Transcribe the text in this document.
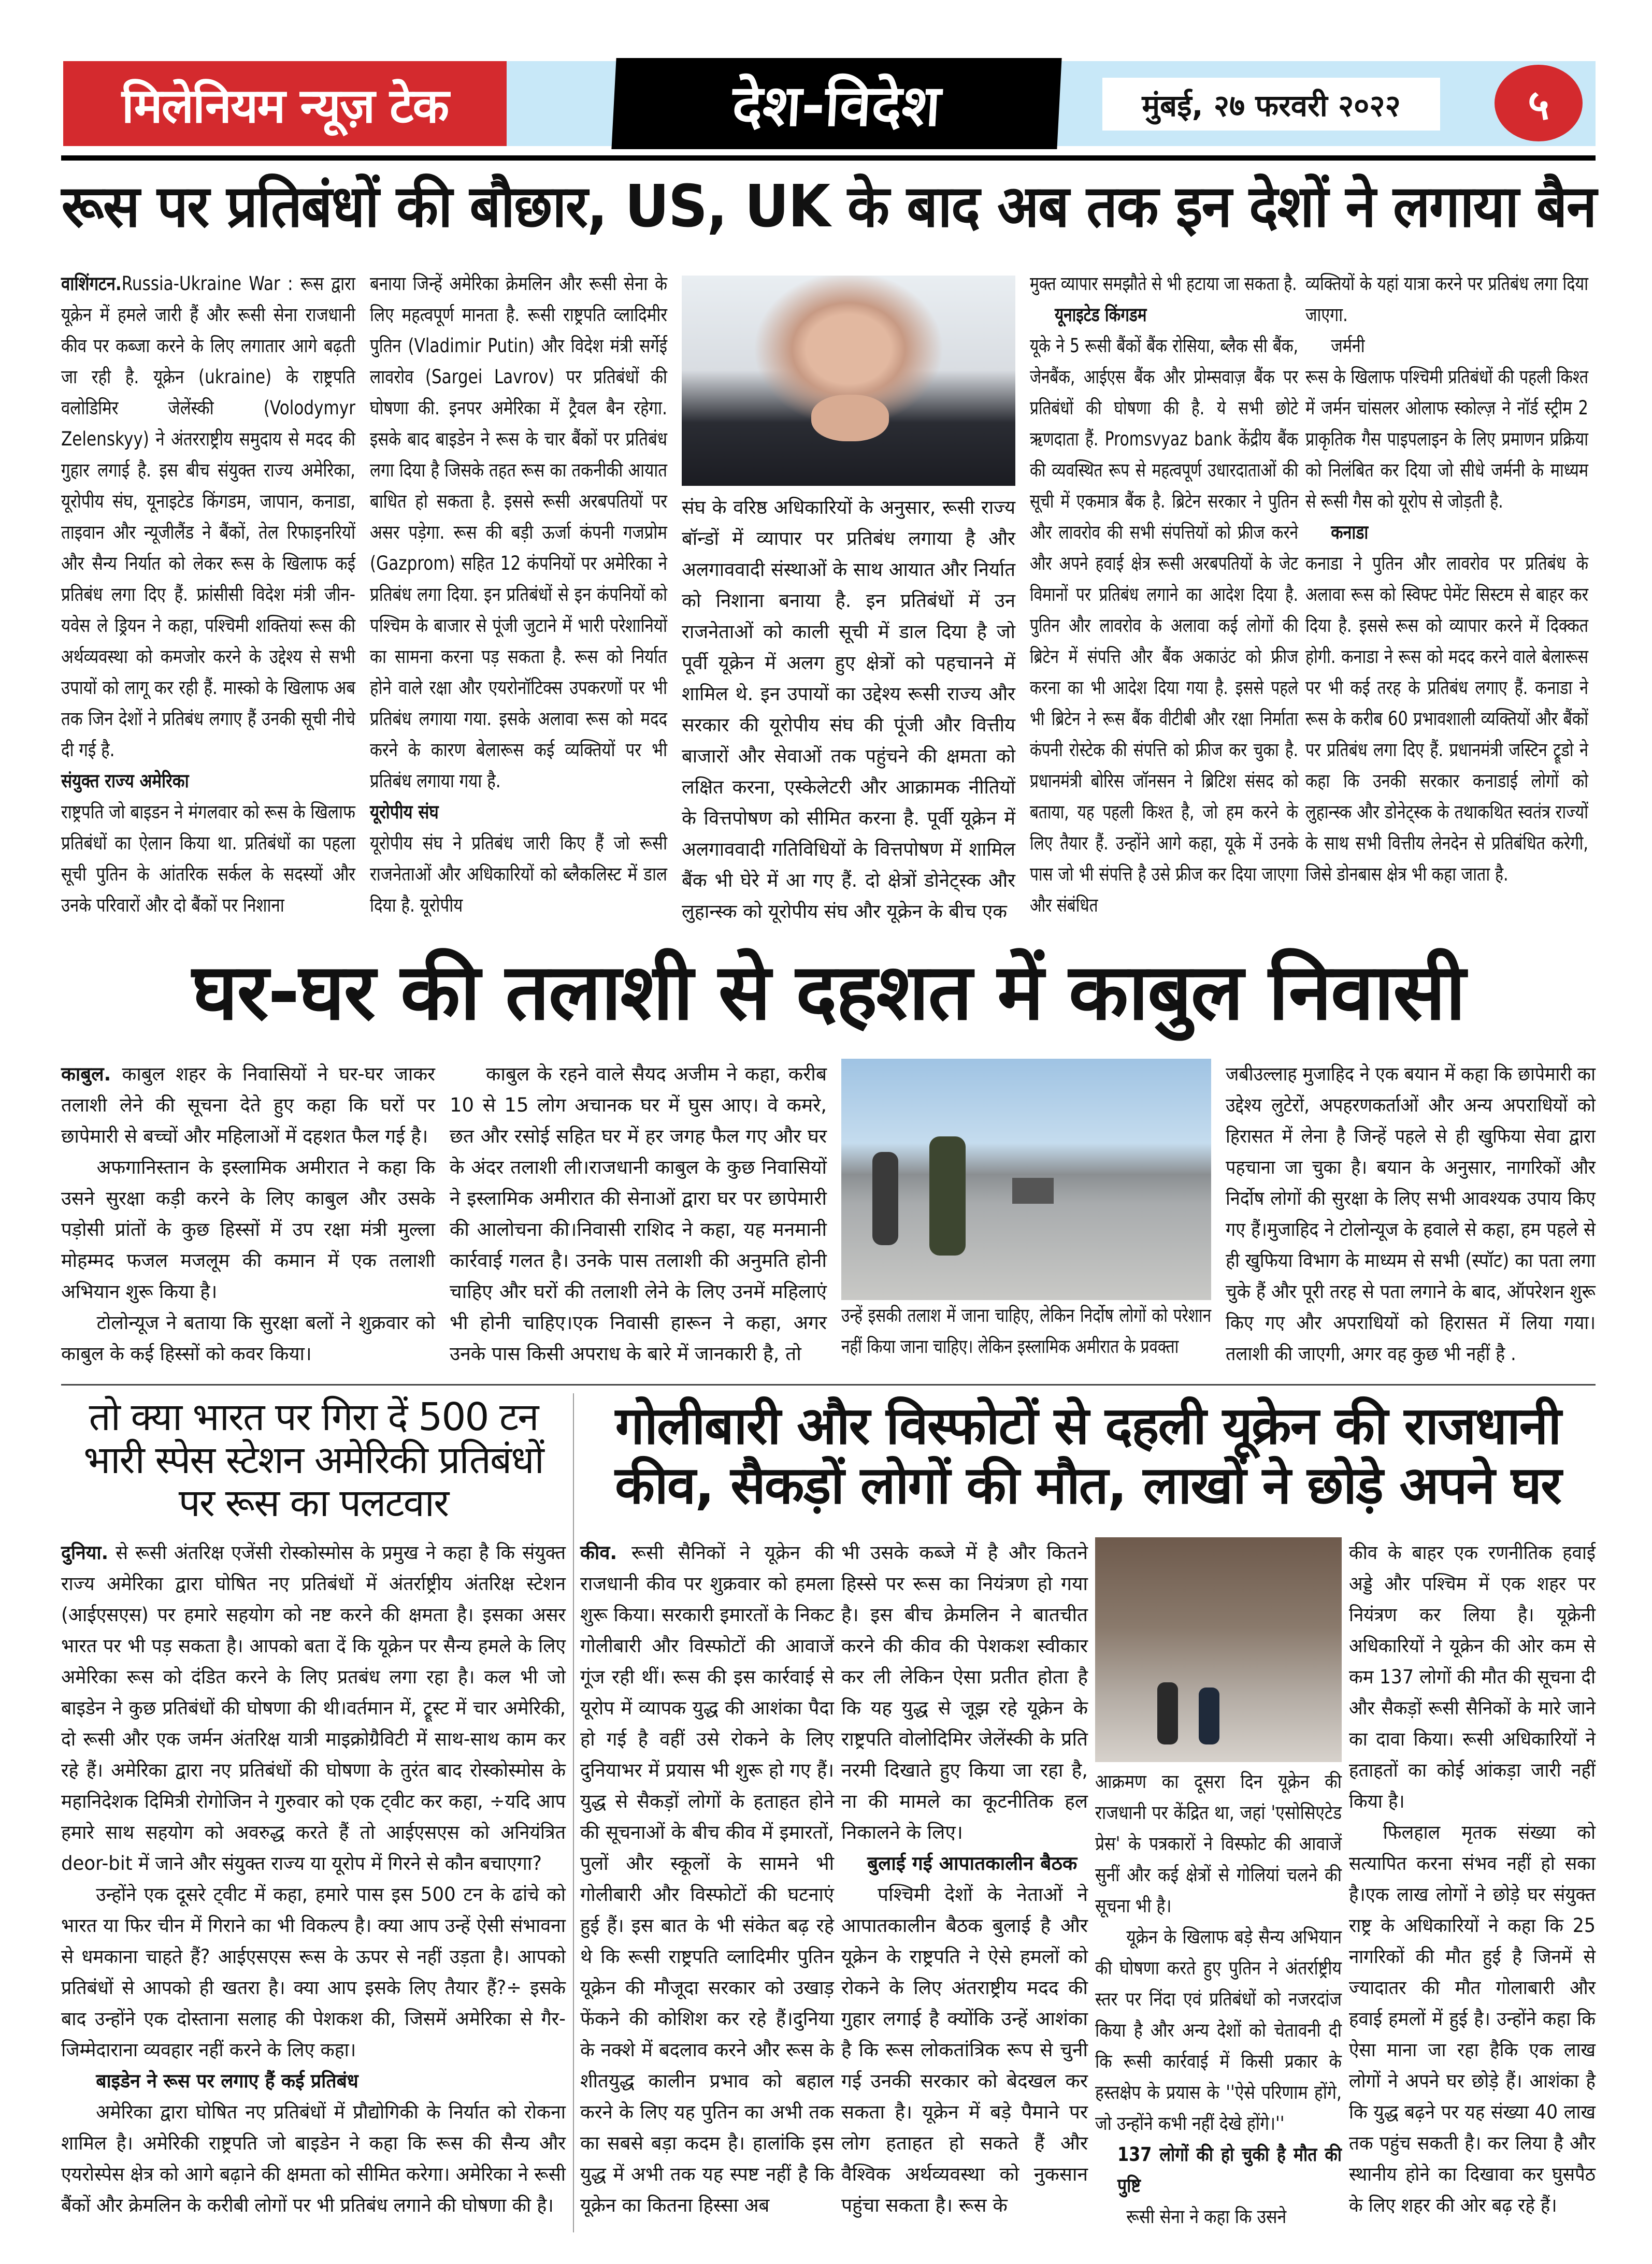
मिलेनियम न्यूज़ टेक	देश-विदेश	मुंबई, २७ फरवरी २०२२	५
रूस पर प्रतिबंधों की बौछार, US, UK के बाद अब तक इन देशों ने लगाया बैन

वाशिंगटन.Russia-Ukraine War : रूस द्वारा यूक्रेन में हमले जारी हैं और रूसी सेना राजधानी कीव पर कब्जा करने के लिए लगातार आगे बढ़ती जा रही है. यूक्रेन (ukraine) के राष्ट्रपति वलोडिमिर जेलेंस्की (Volodymyr Zelenskyy) ने अंतरराष्ट्रीय समुदाय से मदद की गुहार लगाई है. इस बीच संयुक्त राज्य अमेरिका, यूरोपीय संघ, यूनाइटेड किंगडम, जापान, कनाडा, ताइवान और न्यूजीलैंड ने बैंकों, तेल रिफाइनरियों और सैन्य निर्यात को लेकर रूस के खिलाफ कई प्रतिबंध लगा दिए हैं. फ्रांसीसी विदेश मंत्री जीन-यवेस ले ड्रियन ने कहा, पश्चिमी शक्तियां रूस की अर्थव्यवस्था को कमजोर करने के उद्देश्य से सभी उपायों को लागू कर रही हैं. मास्को के खिलाफ अब तक जिन देशों ने प्रतिबंध लगाए हैं उनकी सूची नीचे दी गई है.

संयुक्त राज्य अमेरिका

राष्ट्रपति जो बाइडन ने मंगलवार को रूस के खिलाफ प्रतिबंधों का ऐलान किया था. प्रतिबंधों का पहला सूची पुतिन के आंतरिक सर्कल के सदस्यों और उनके परिवारों और दो बैंकों पर निशाना

बनाया जिन्हें अमेरिका क्रेमलिन और रूसी सेना के लिए महत्वपूर्ण मानता है. रूसी राष्ट्रपति व्लादिमीर पुतिन (Vladimir Putin) और विदेश मंत्री सर्गेई लावरोव (Sargei Lavrov) पर प्रतिबंधों की घोषणा की. इनपर अमेरिका में ट्रैवल बैन रहेगा. इसके बाद बाइडेन ने रूस के चार बैंकों पर प्रतिबंध लगा दिया है जिसके तहत रूस का तकनीकी आयात बाधित हो सकता है. इससे रूसी अरबपतियों पर असर पड़ेगा. रूस की बड़ी ऊर्जा कंपनी गजप्रोम (Gazprom) सहित 12 कंपनियों पर अमेरिका ने प्रतिबंध लगा दिया. इन प्रतिबंधों से इन कंपनियों को पश्चिम के बाजार से पूंजी जुटाने में भारी परेशानियों का सामना करना पड़ सकता है. रूस को निर्यात होने वाले रक्षा और एयरोनॉटिक्स उपकरणों पर भी प्रतिबंध लगाया गया. इसके अलावा रूस को मदद करने के कारण बेलारूस कई व्यक्तियों पर भी प्रतिबंध लगाया गया है.

यूरोपीय संघ

यूरोपीय संघ ने प्रतिबंध जारी किए हैं जो रूसी राजनेताओं और अधिकारियों को ब्लैकलिस्ट में डाल दिया है. यूरोपीय

संघ के वरिष्ठ अधिकारियों के अनुसार, रूसी राज्य बॉन्डों में व्यापार पर प्रतिबंध लगाया है और अलगाववादी संस्थाओं के साथ आयात और निर्यात को निशाना बनाया है. इन प्रतिबंधों में उन राजनेताओं को काली सूची में डाल दिया है जो पूर्वी यूक्रेन में अलग हुए क्षेत्रों को पहचानने में शामिल थे. इन उपायों का उद्देश्य रूसी राज्य और सरकार की यूरोपीय संघ की पूंजी और वित्तीय बाजारों और सेवाओं तक पहुंचने की क्षमता को लक्षित करना, एस्केलेटरी और आक्रामक नीतियों के वित्तपोषण को सीमित करना है. पूर्वी यूक्रेन में अलगाववादी गतिविधियों के वित्तपोषण में शामिल बैंक भी घेरे में आ गए हैं. दो क्षेत्रों डोनेट्स्क और लुहान्स्क को यूरोपीय संघ और यूक्रेन के बीच एक

मुक्त व्यापार समझौते से भी हटाया जा सकता है.

यूनाइटेड किंगडम

यूके ने 5 रूसी बैंकों बैंक रोसिया, ब्लैक सी बैंक, जेनबैंक, आईएस बैंक और प्रोम्सवाज़ बैंक पर प्रतिबंधों की घोषणा की है. ये सभी छोटे ऋणदाता हैं. Promsvyaz bank केंद्रीय बैंक की व्यवस्थित रूप से महत्वपूर्ण उधारदाताओं की सूची में एकमात्र बैंक है. ब्रिटेन सरकार ने पुतिन और लावरोव की सभी संपत्तियों को फ्रीज करने और अपने हवाई क्षेत्र रूसी अरबपतियों के जेट विमानों पर प्रतिबंध लगाने का आदेश दिया है. पुतिन और लावरोव के अलावा कई लोगों की ब्रिटेन में संपत्ति और बैंक अकाउंट को फ्रीज करना का भी आदेश दिया गया है. इससे पहले भी ब्रिटेन ने रूस बैंक वीटीबी और रक्षा निर्माता कंपनी रोस्टेक की संपत्ति को फ्रीज कर चुका है. प्रधानमंत्री बोरिस जॉनसन ने ब्रिटिश संसद को बताया, यह पहली किश्त है, जो हम करने के लिए तैयार हैं. उन्होंने आगे कहा, यूके में उनके पास जो भी संपत्ति है उसे फ्रीज कर दिया जाएगा और संबंधित

व्यक्तियों के यहां यात्रा करने पर प्रतिबंध लगा दिया जाएगा.

जर्मनी

रूस के खिलाफ पश्चिमी प्रतिबंधों की पहली किश्त में जर्मन चांसलर ओलाफ स्कोल्ज़ ने नॉर्ड स्ट्रीम 2 प्राकृतिक गैस पाइपलाइन के लिए प्रमाणन प्रक्रिया को निलंबित कर दिया जो सीधे जर्मनी के माध्यम से रूसी गैस को यूरोप से जोड़ती है.

कनाडा

कनाडा ने पुतिन और लावरोव पर प्रतिबंध के अलावा रूस को स्विफ्ट पेमेंट सिस्टम से बाहर कर दिया है. इससे रूस को व्यापार करने में दिक्कत होगी. कनाडा ने रूस को मदद करने वाले बेलारूस पर भी कई तरह के प्रतिबंध लगाए हैं. कनाडा ने रूस के करीब 60 प्रभावशाली व्यक्तियों और बैंकों पर प्रतिबंध लगा दिए हैं. प्रधानमंत्री जस्टिन ट्रूडो ने कहा कि उनकी सरकार कनाडाई लोगों को लुहान्स्क और डोनेट्स्क के तथाकथित स्वतंत्र राज्यों के साथ सभी वित्तीय लेनदेन से प्रतिबंधित करेगी, जिसे डोनबास क्षेत्र भी कहा जाता है.

घर-घर की तलाशी से दहशत में काबुल निवासी

काबुल. काबुल शहर के निवासियों ने घर-घर जाकर तलाशी लेने की सूचना देते हुए कहा कि घरों पर छापेमारी से बच्चों और महिलाओं में दहशत फैल गई है।

अफगानिस्तान के इस्लामिक अमीरात ने कहा कि उसने सुरक्षा कड़ी करने के लिए काबुल और उसके पड़ोसी प्रांतों के कुछ हिस्सों में उप रक्षा मंत्री मुल्ला मोहम्मद फजल मजलूम की कमान में एक तलाशी अभियान शुरू किया है।

टोलोन्यूज ने बताया कि सुरक्षा बलों ने शुक्रवार को काबुल के कई हिस्सों को कवर किया।

काबुल के रहने वाले सैयद अजीम ने कहा, करीब 10 से 15 लोग अचानक घर में घुस आए। वे कमरे, छत और रसोई सहित घर में हर जगह फैल गए और घर के अंदर तलाशी ली।राजधानी काबुल के कुछ निवासियों ने इस्लामिक अमीरात की सेनाओं द्वारा घर पर छापेमारी की आलोचना की।निवासी राशिद ने कहा, यह मनमानी कार्रवाई गलत है। उनके पास तलाशी की अनुमति होनी चाहिए और घरों की तलाशी लेने के लिए उनमें महिलाएं भी होनी चाहिए।एक निवासी हारून ने कहा, अगर उनके पास किसी अपराध के बारे में जानकारी है, तो

उन्हें इसकी तलाश में जाना चाहिए, लेकिन निर्दोष लोगों को परेशान नहीं किया जाना चाहिए। लेकिन इस्लामिक अमीरात के प्रवक्ता

जबीउल्लाह मुजाहिद ने एक बयान में कहा कि छापेमारी का उद्देश्य लुटेरों, अपहरणकर्ताओं और अन्य अपराधियों को हिरासत में लेना है जिन्हें पहले से ही खुफिया सेवा द्वारा पहचाना जा चुका है। बयान के अनुसार, नागरिकों और निर्दोष लोगों की सुरक्षा के लिए सभी आवश्यक उपाय किए गए हैं।मुजाहिद ने टोलोन्यूज के हवाले से कहा, हम पहले से ही खुफिया विभाग के माध्यम से सभी (स्पॉट) का पता लगा चुके हैं और पूरी तरह से पता लगाने के बाद, ऑपरेशन शुरू किए गए और अपराधियों को हिरासत में लिया गया। तलाशी की जाएगी, अगर वह कुछ भी नहीं है .

तो क्या भारत पर गिरा दें 500 टन भारी स्पेस स्टेशन अमेरिकी प्रतिबंधों पर रूस का पलटवार

दुनिया. से रूसी अंतरिक्ष एजेंसी रोस्कोस्मोस के प्रमुख ने कहा है कि संयुक्त राज्य अमेरिका द्वारा घोषित नए प्रतिबंधों में अंतर्राष्ट्रीय अंतरिक्ष स्टेशन (आईएसएस) पर हमारे सहयोग को नष्ट करने की क्षमता है। इसका असर भारत पर भी पड़ सकता है। आपको बता दें कि यूक्रेन पर सैन्य हमले के लिए अमेरिका रूस को दंडित करने के लिए प्रतबंध लगा रहा है। कल भी जो बाइडेन ने कुछ प्रतिबंधों की घोषणा की थी।वर्तमान में, ट्रूस्ट में चार अमेरिकी, दो रूसी और एक जर्मन अंतरिक्ष यात्री माइक्रोग्रैविटी में साथ-साथ काम कर रहे हैं। अमेरिका द्वारा नए प्रतिबंधों की घोषणा के तुरंत बाद रोस्कोस्मोस के महानिदेशक दिमित्री रोगोजिन ने गुरुवार को एक ट्वीट कर कहा, ÷यदि आप हमारे साथ सहयोग को अवरुद्ध करते हैं तो आईएसएस को अनियंत्रित deor-bit में जाने और संयुक्त राज्य या यूरोप में गिरने से कौन बचाएगा?

उन्होंने एक दूसरे ट्वीट में कहा, हमारे पास इस 500 टन के ढांचे को भारत या फिर चीन में गिराने का भी विकल्प है। क्या आप उन्हें ऐसी संभावना से धमकाना चाहते हैं? आईएसएस रूस के ऊपर से नहीं उड़ता है। आपको प्रतिबंधों से आपको ही खतरा है। क्या आप इसके लिए तैयार हैं?÷ इसके बाद उन्होंने एक दोस्ताना सलाह की पेशकश की, जिसमें अमेरिका से गैर-जिम्मेदाराना व्यवहार नहीं करने के लिए कहा।

बाइडेन ने रूस पर लगाए हैं कई प्रतिबंध

अमेरिका द्वारा घोषित नए प्रतिबंधों में प्रौद्योगिकी के निर्यात को रोकना शामिल है। अमेरिकी राष्ट्रपति जो बाइडेन ने कहा कि रूस की सैन्य और एयरोस्पेस क्षेत्र को आगे बढ़ाने की क्षमता को सीमित करेगा। अमेरिका ने रूसी बैंकों और क्रेमलिन के करीबी लोगों पर भी प्रतिबंध लगाने की घोषणा की है।

गोलीबारी और विस्फोटों से दहली यूक्रेन की राजधानी
कीव, सैकड़ों लोगों की मौत, लाखों ने छोड़े अपने घर

कीव. रूसी सैनिकों ने यूक्रेन की राजधानी कीव पर शुक्रवार को हमला शुरू किया। सरकारी इमारतों के निकट गोलीबारी और विस्फोटों की आवाजें गूंज रही थीं। रूस की इस कार्रवाई से यूरोप में व्यापक युद्ध की आशंका पैदा हो गई है वहीं उसे रोकने के लिए दुनियाभर में प्रयास भी शुरू हो गए हैं। युद्ध से सैकड़ों लोगों के हताहत होने की सूचनाओं के बीच कीव में इमारतों, पुलों और स्कूलों के सामने भी गोलीबारी और विस्फोटों की घटनाएं हुई हैं। इस बात के भी संकेत बढ़ रहे थे कि रूसी राष्ट्रपति व्लादिमीर पुतिन यूक्रेन की मौजूदा सरकार को उखाड़ फेंकने की कोशिश कर रहे हैं।दुनिया के नक्शे में बदलाव करने और रूस के शीतयुद्ध कालीन प्रभाव को बहाल करने के लिए यह पुतिन का अभी तक का सबसे बड़ा कदम है। हालांकि इस युद्ध में अभी तक यह स्पष्ट नहीं है कि यूक्रेन का कितना हिस्सा अब

भी उसके कब्जे में है और कितने हिस्से पर रूस का नियंत्रण हो गया है। इस बीच क्रेमलिन ने बातचीत करने की कीव की पेशकश स्वीकार कर ली लेकिन ऐसा प्रतीत होता है कि यह युद्ध से जूझ रहे यूक्रेन के राष्ट्रपति वोलोदिमिर जेलेंस्की के प्रति नरमी दिखाते हुए किया जा रहा है, ना की मामले का कूटनीतिक हल निकालने के लिए।

बुलाई गई आपातकालीन बैठक

पश्चिमी देशों के नेताओं ने आपातकालीन बैठक बुलाई है और यूक्रेन के राष्ट्रपति ने ऐसे हमलों को रोकने के लिए अंतराष्ट्रीय मदद की गुहार लगाई है क्योंकि उन्हें आशंका है कि रूस लोकतांत्रिक रूप से चुनी गई उनकी सरकार को बेदखल कर सकता है। यूक्रेन में बड़े पैमाने पर लोग हताहत हो सकते हैं और वैश्विक अर्थव्यवस्था को नुकसान पहुंचा सकता है। रूस के

आक्रमण का दूसरा दिन यूक्रेन की राजधानी पर केंद्रित था, जहां 'एसोसिएटेड प्रेस' के पत्रकारों ने विस्फोट की आवाजें सुनीं और कई क्षेत्रों से गोलियां चलने की सूचना भी है।

यूक्रेन के खिलाफ बड़े सैन्य अभियान की घोषणा करते हुए पुतिन ने अंतर्राष्ट्रीय स्तर पर निंदा एवं प्रतिबंधों को नजरदांज किया है और अन्य देशों को चेतावनी दी कि रूसी कार्रवाई में किसी प्रकार के हस्तक्षेप के प्रयास के ''ऐसे परिणाम होंगे, जो उन्होंने कभी नहीं देखे होंगे।''

137 लोगों की हो चुकी है मौत की पुष्टि

रूसी सेना ने कहा कि उसने

कीव के बाहर एक रणनीतिक हवाई अड्डे और पश्चिम में एक शहर पर नियंत्रण कर लिया है। यूक्रेनी अधिकारियों ने यूक्रेन की ओर कम से कम 137 लोगों की मौत की सूचना दी और सैकड़ों रूसी सैनिकों के मारे जाने का दावा किया। रूसी अधिकारियों ने हताहतों का कोई आंकड़ा जारी नहीं किया है।

फिलहाल मृतक संख्या को सत्यापित करना संभव नहीं हो सका है।एक लाख लोगों ने छोड़े घर संयुक्त राष्ट्र के अधिकारियों ने कहा कि 25 नागरिकों की मौत हुई है जिनमें से ज्यादातर की मौत गोलाबारी और हवाई हमलों में हुई है। उन्होंने कहा कि ऐसा माना जा रहा हैकि एक लाख लोगों ने अपने घर छोड़े हैं। आशंका है कि युद्ध बढ़ने पर यह संख्या 40 लाख तक पहुंच सकती है। कर लिया है और स्थानीय होने का दिखावा कर घुसपैठ के लिए शहर की ओर बढ़ रहे हैं।
